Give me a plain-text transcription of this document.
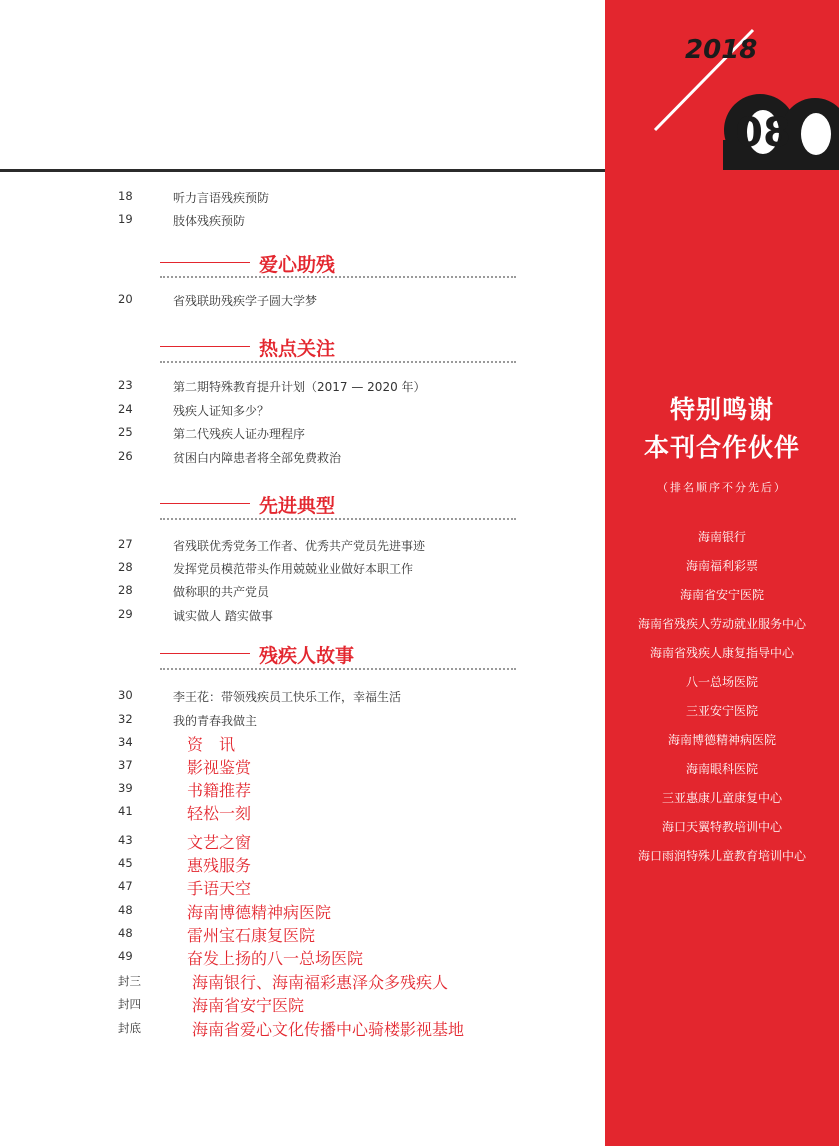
08
2018
特别鸣谢
本刊合作伙伴
（排名顺序不分先后）
海南银行
海南福利彩票
海南省安宁医院
海南省残疾人劳动就业服务中心
海南省残疾人康复指导中心
八一总场医院
三亚安宁医院
海南博德精神病医院
海南眼科医院
三亚惠康儿童康复中心
海口天翼特教培训中心
海口雨润特殊儿童教育培训中心
18	听力言语残疾预防
19	肢体残疾预防
爱心助残
20	省残联助残疾学子圆大学梦
热点关注
23	第二期特殊教育提升计划（2017 — 2020 年）
24	残疾人证知多少？
25	第二代残疾人证办理程序
26	贫困白内障患者将全部免费救治
先进典型
27	省残联优秀党务工作者、优秀共产党员先进事迹
28	发挥党员模范带头作用兢兢业业做好本职工作
28	做称职的共产党员
29	诚实做人 踏实做事
残疾人故事
30	李王花：带领残疾员工快乐工作，幸福生活
32	我的青春我做主
34	资　讯
37	影视鉴赏
39	书籍推荐
41	轻松一刻
43	文艺之窗
45	惠残服务
47	手语天空
48	海南博德精神病医院
48	雷州宝石康复医院
49	奋发上扬的八一总场医院
封三	海南银行、海南福彩惠泽众多残疾人
封四	海南省安宁医院
封底	海南省爱心文化传播中心骑楼影视基地
